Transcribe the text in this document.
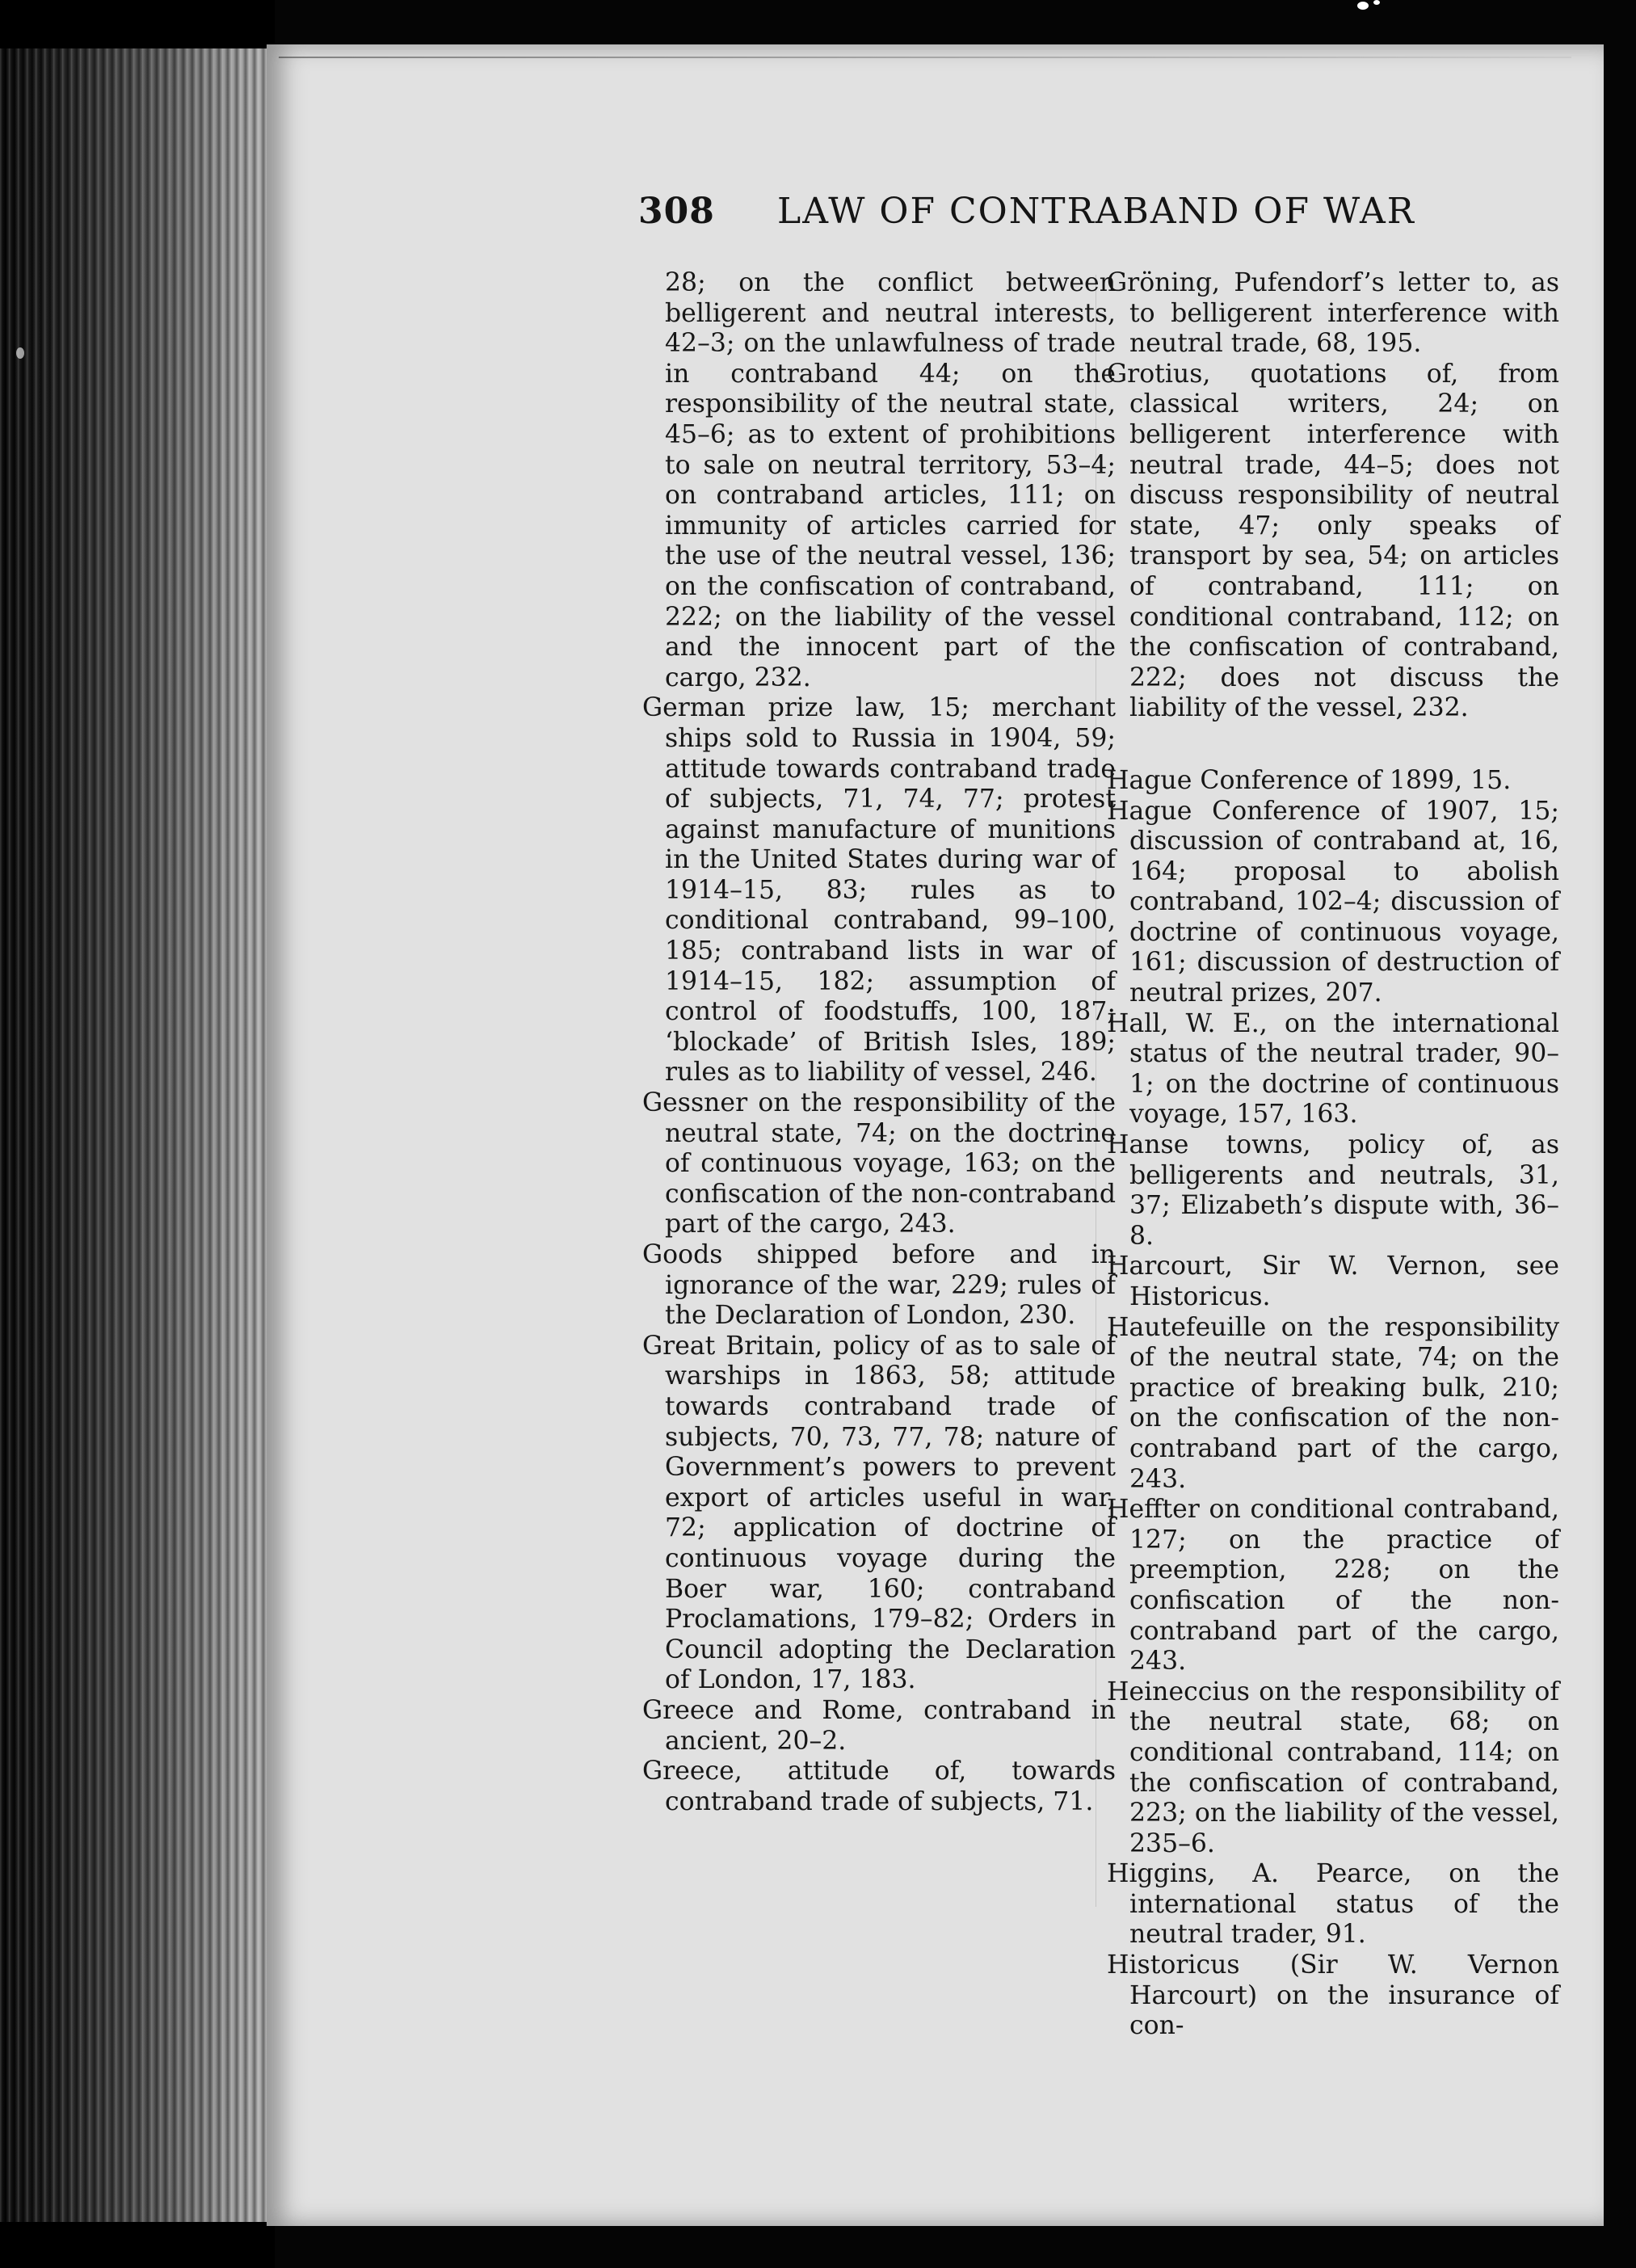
308 LAW OF CONTRABAND OF WAR

28; on the conflict between belligerent and neutral interests, 42–3; on the unlawfulness of trade in contraband 44; on the responsibility of the neutral state, 45–6; as to extent of prohibitions to sale on neutral territory, 53–4; on contraband articles, 111; on immunity of articles carried for the use of the neutral vessel, 136; on the confiscation of contraband, 222; on the liability of the vessel and the innocent part of the cargo, 232.

German prize law, 15; merchant ships sold to Russia in 1904, 59; attitude towards contraband trade of subjects, 71, 74, 77; protest against manufacture of munitions in the United States during war of 1914–15, 83; rules as to conditional contraband, 99–100, 185; contraband lists in war of 1914–15, 182; assumption of control of foodstuffs, 100, 187; ‘blockade’ of British Isles, 189; rules as to liability of vessel, 246.

Gessner on the responsibility of the neutral state, 74; on the doctrine of continuous voyage, 163; on the confiscation of the non-contraband part of the cargo, 243.

Goods shipped before and in ignorance of the war, 229; rules of the Declaration of London, 230.

Great Britain, policy of as to sale of warships in 1863, 58; attitude towards contraband trade of subjects, 70, 73, 77, 78; nature of Government’s powers to prevent export of articles useful in war, 72; application of doctrine of continuous voyage during the Boer war, 160; contraband Proclamations, 179–82; Orders in Council adopting the Declaration of London, 17, 183.

Greece and Rome, contraband in ancient, 20–2.

Greece, attitude of, towards contraband trade of subjects, 71.

Gröning, Pufendorf’s letter to, as to belligerent interference with neutral trade, 68, 195.

Grotius, quotations of, from classical writers, 24; on belligerent interference with neutral trade, 44–5; does not discuss responsibility of neutral state, 47; only speaks of transport by sea, 54; on articles of contraband, 111; on conditional contraband, 112; on the confiscation of contraband, 222; does not discuss the liability of the vessel, 232.

Hague Conference of 1899, 15.

Hague Conference of 1907, 15; discussion of contraband at, 16, 164; proposal to abolish contraband, 102–4; discussion of doctrine of continuous voyage, 161; discussion of destruction of neutral prizes, 207.

Hall, W. E., on the international status of the neutral trader, 90–1; on the doctrine of continuous voyage, 157, 163.

Hanse towns, policy of, as belligerents and neutrals, 31, 37; Elizabeth’s dispute with, 36–8.

Harcourt, Sir W. Vernon, see Historicus.

Hautefeuille on the responsibility of the neutral state, 74; on the practice of breaking bulk, 210; on the confiscation of the non-contraband part of the cargo, 243.

Heffter on conditional contraband, 127; on the practice of preemption, 228; on the confiscation of the non-contraband part of the cargo, 243.

Heineccius on the responsibility of the neutral state, 68; on conditional contraband, 114; on the confiscation of contraband, 223; on the liability of the vessel, 235–6.

Higgins, A. Pearce, on the international status of the neutral trader, 91.

Historicus (Sir W. Vernon Harcourt) on the insurance of con-
